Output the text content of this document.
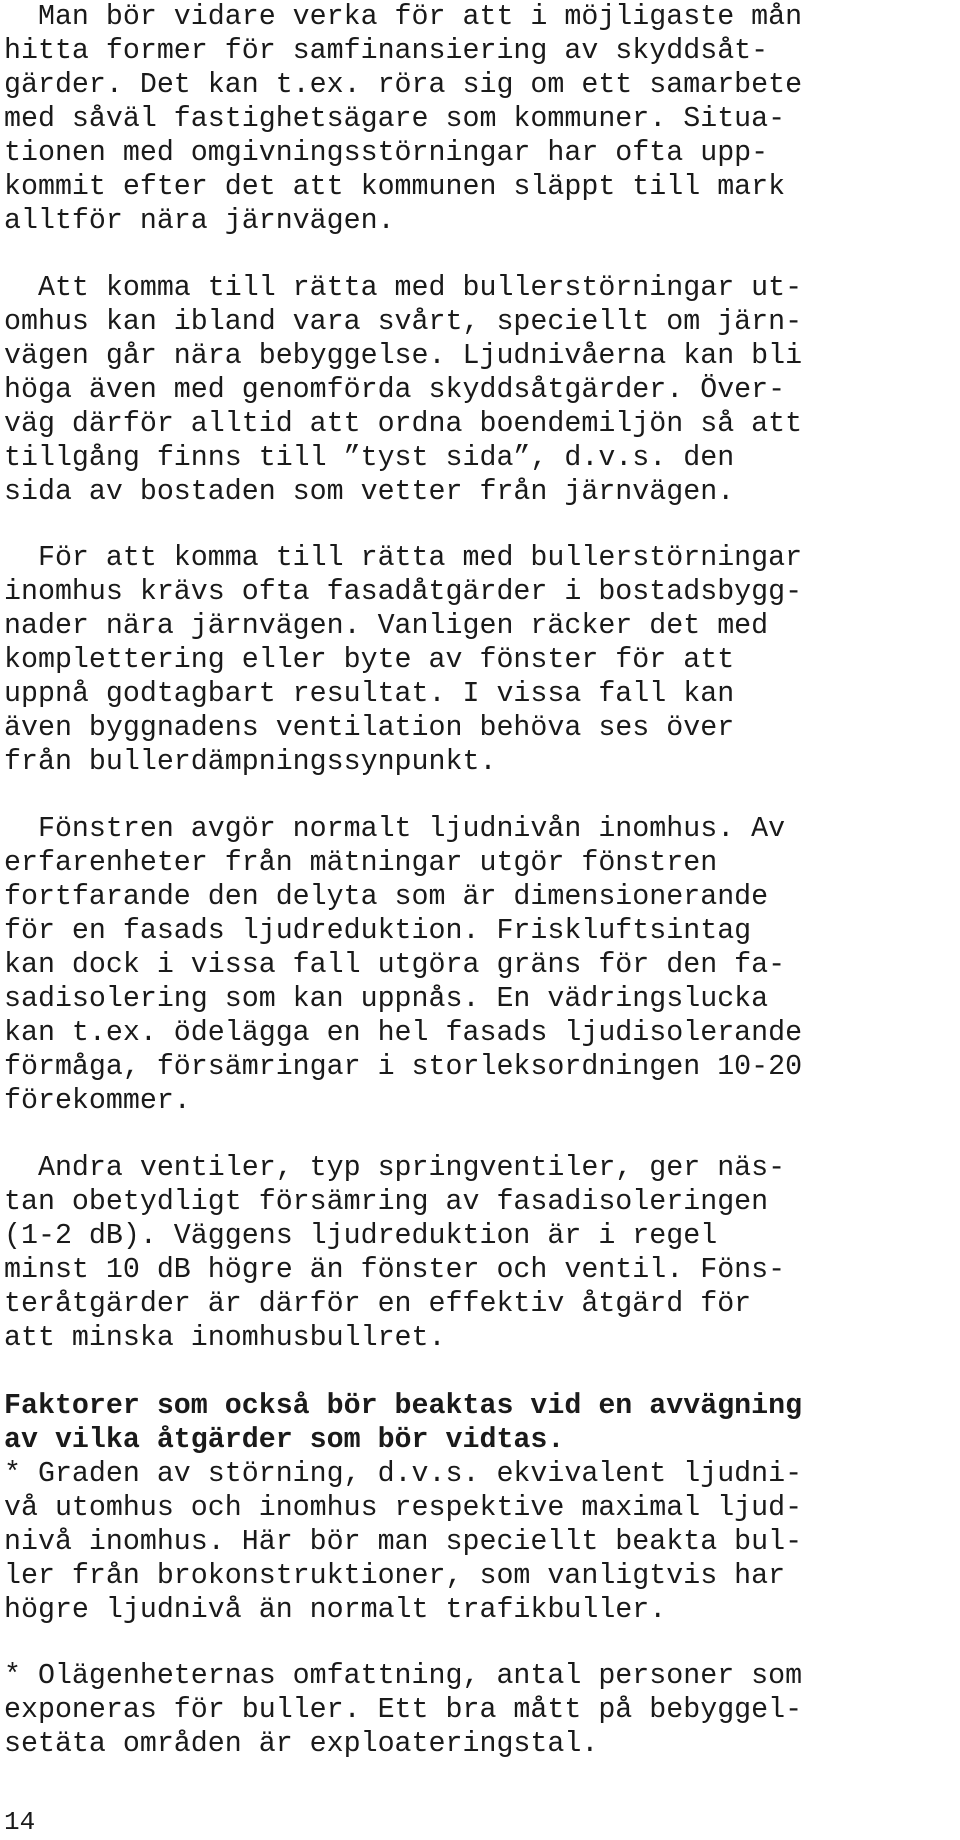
Man bör vidare verka för att i möjligaste mån
hitta former för samfinansiering av skyddsåt-
gärder. Det kan t.ex. röra sig om ett samarbete
med såväl fastighetsägare som kommuner. Situa-
tionen med omgivningsstörningar har ofta upp-
kommit efter det att kommunen släppt till mark
alltför nära järnvägen.
Att komma till rätta med bullerstörningar ut-
omhus kan ibland vara svårt, speciellt om järn-
vägen går nära bebyggelse. Ljudnivåerna kan bli
höga även med genomförda skyddsåtgärder. Över-
väg därför alltid att ordna boendemiljön så att
tillgång finns till ”tyst sida”, d.v.s. den
sida av bostaden som vetter från järnvägen.
För att komma till rätta med bullerstörningar
inomhus krävs ofta fasadåtgärder i bostadsbygg-
nader nära järnvägen. Vanligen räcker det med
komplettering eller byte av fönster för att
uppnå godtagbart resultat. I vissa fall kan
även byggnadens ventilation behöva ses över
från bullerdämpningssynpunkt.
Fönstren avgör normalt ljudnivån inomhus. Av
erfarenheter från mätningar utgör fönstren
fortfarande den delyta som är dimensionerande
för en fasads ljudreduktion. Friskluftsintag
kan dock i vissa fall utgöra gräns för den fa-
sadisolering som kan uppnås. En vädringslucka
kan t.ex. ödelägga en hel fasads ljudisolerande
förmåga, försämringar i storleksordningen 10-20
förekommer.
Andra ventiler, typ springventiler, ger näs-
tan obetydligt försämring av fasadisoleringen
(1-2 dB). Väggens ljudreduktion är i regel
minst 10 dB högre än fönster och ventil. Föns-
teråtgärder är därför en effektiv åtgärd för
att minska inomhusbullret.
Faktorer som också bör beaktas vid en avvägning
av vilka åtgärder som bör vidtas.
* Graden av störning, d.v.s. ekvivalent ljudni-
vå utomhus och inomhus respektive maximal ljud-
nivå inomhus. Här bör man speciellt beakta bul-
ler från brokonstruktioner, som vanligtvis har
högre ljudnivå än normalt trafikbuller.
* Olägenheternas omfattning, antal personer som
exponeras för buller. Ett bra mått på bebyggel-
setäta områden är exploateringstal.
14
